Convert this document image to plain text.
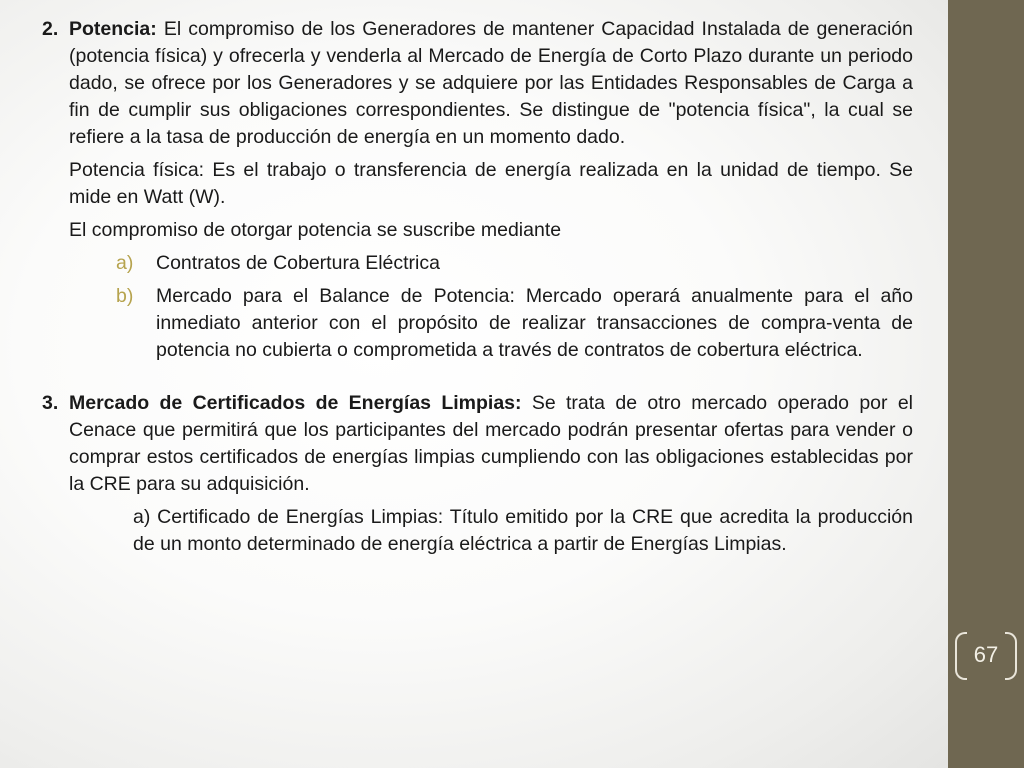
67
2. Potencia: El compromiso de los Generadores de mantener Capacidad Instalada de generación (potencia física) y ofrecerla y venderla al Mercado de Energía de Corto Plazo durante un periodo dado, se ofrece por los Generadores y se adquiere por las Entidades Responsables de Carga a fin de cumplir sus obligaciones correspondientes. Se distingue de "potencia física", la cual se refiere a la tasa de producción de energía en un momento dado.

Potencia física: Es el trabajo o transferencia de energía realizada en la unidad de tiempo. Se mide en Watt (W).

El compromiso de otorgar potencia se suscribe mediante

a) Contratos de Cobertura Eléctrica

b) Mercado para el Balance de Potencia: Mercado operará anualmente para el año inmediato anterior con el propósito de realizar transacciones de compra-venta de potencia no cubierta o comprometida a través de contratos de cobertura eléctrica.

3. Mercado de Certificados de Energías Limpias: Se trata de otro mercado operado por el Cenace que permitirá que los participantes del mercado podrán presentar ofertas para vender o comprar estos certificados de energías limpias cumpliendo con las obligaciones establecidas por la CRE para su adquisición.

a) Certificado de Energías Limpias: Título emitido por la CRE que acredita la producción de un monto determinado de energía eléctrica a partir de Energías Limpias.
